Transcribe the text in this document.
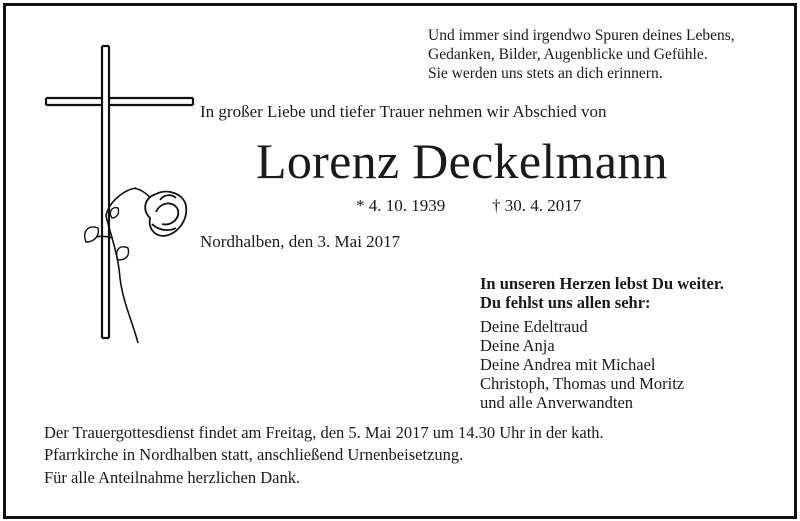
Und immer sind irgendwo Spuren deines Lebens,
Gedanken, Bilder, Augenblicke und Gefühle.
Sie werden uns stets an dich erinnern.
In großer Liebe und tiefer Trauer nehmen wir Abschied von
Lorenz Deckelmann
* 4. 10. 1939	† 30. 4. 2017
Nordhalben, den 3. Mai 2017
In unseren Herzen lebst Du weiter.
Du fehlst uns allen sehr:
Deine Edeltraud
Deine Anja
Deine Andrea mit Michael
Christoph, Thomas und Moritz
und alle Anverwandten
Der Trauergottesdienst findet am Freitag, den 5. Mai 2017 um 14.30 Uhr in der kath.
Pfarrkirche in Nordhalben statt, anschließend Urnenbeisetzung.
Für alle Anteilnahme herzlichen Dank.
